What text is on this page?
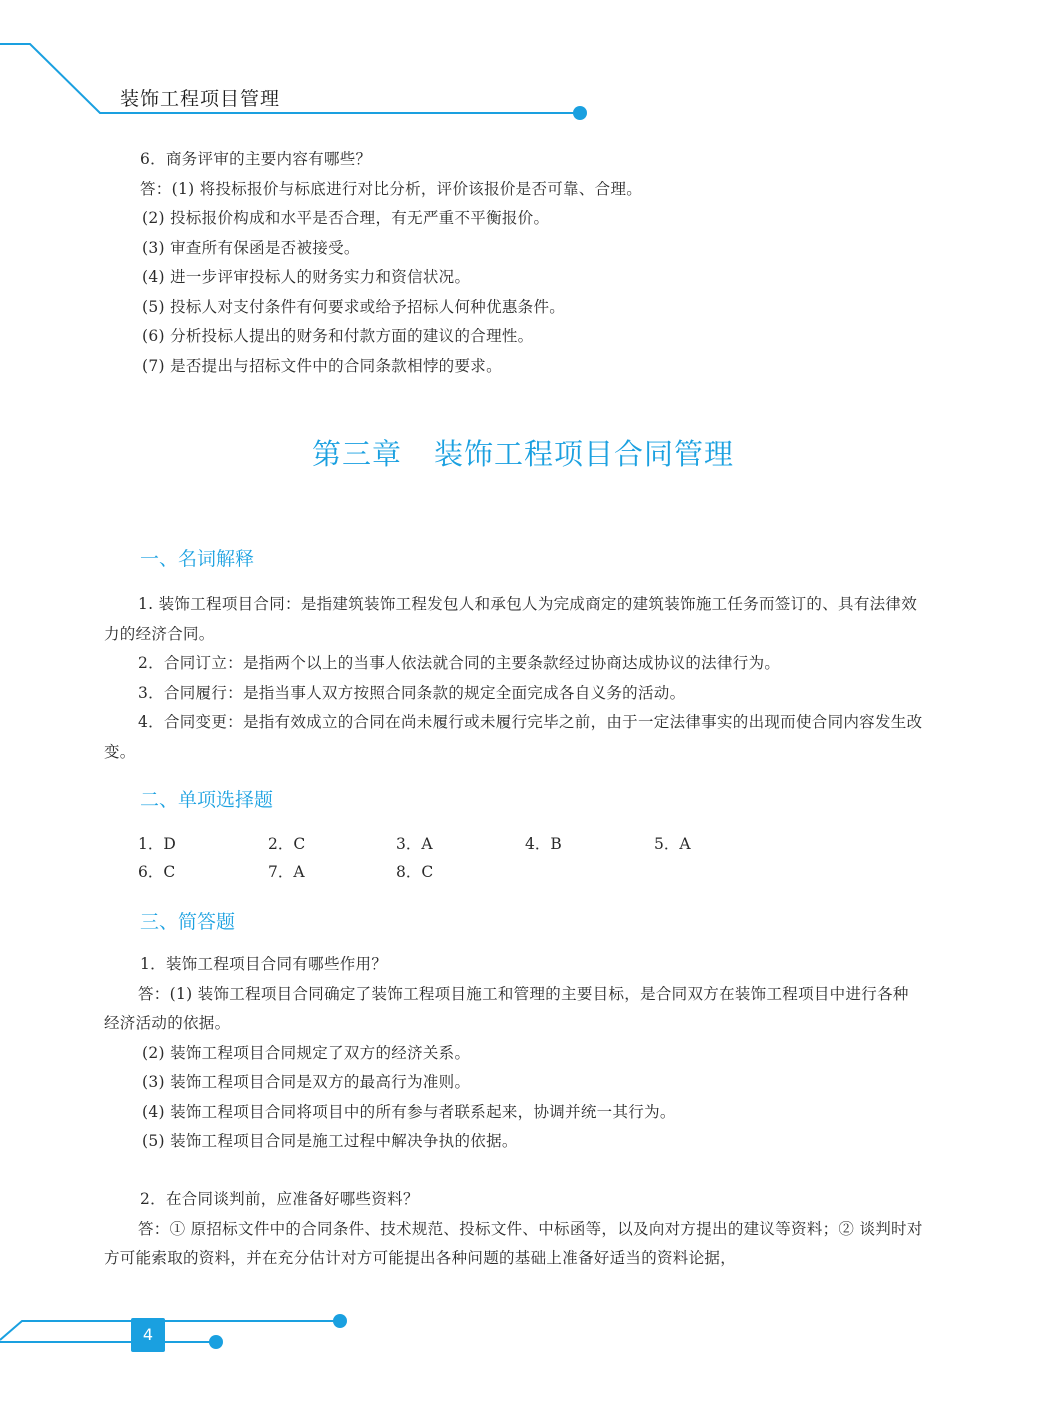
装饰工程项目管理

6．商务评审的主要内容有哪些？

答：(1) 将投标报价与标底进行对比分析，评价该报价是否可靠、合理。

(2) 投标报价构成和水平是否合理，有无严重不平衡报价。

(3) 审查所有保函是否被接受。

(4) 进一步评审投标人的财务实力和资信状况。

(5) 投标人对支付条件有何要求或给予招标人何种优惠条件。

(6) 分析投标人提出的财务和付款方面的建议的合理性。

(7) 是否提出与招标文件中的合同条款相悖的要求。

第三章 装饰工程项目合同管理
一、名词解释

1. 装饰工程项目合同：是指建筑装饰工程发包人和承包人为完成商定的建筑装饰施工任务而签订的、具有法律效力的经济合同。

2．合同订立：是指两个以上的当事人依法就合同的主要条款经过协商达成协议的法律行为。

3．合同履行：是指当事人双方按照合同条款的规定全面完成各自义务的活动。

4．合同变更：是指有效成立的合同在尚未履行或未履行完毕之前，由于一定法律事实的出现而使合同内容发生改变。

二、单项选择题
1．D	2．C	3．A	4．B	5．A
6．C	7．A	8．C
三、简答题

1．装饰工程项目合同有哪些作用？

答：(1) 装饰工程项目合同确定了装饰工程项目施工和管理的主要目标，是合同双方在装饰工程项目中进行各种经济活动的依据。

(2) 装饰工程项目合同规定了双方的经济关系。

(3) 装饰工程项目合同是双方的最高行为准则。

(4) 装饰工程项目合同将项目中的所有参与者联系起来，协调并统一其行为。

(5) 装饰工程项目合同是施工过程中解决争执的依据。

2．在合同谈判前，应准备好哪些资料？

答：① 原招标文件中的合同条件、技术规范、投标文件、中标函等，以及向对方提出的建议等资料；② 谈判时对方可能索取的资料，并在充分估计对方可能提出各种问题的基础上准备好适当的资料论据，

4
